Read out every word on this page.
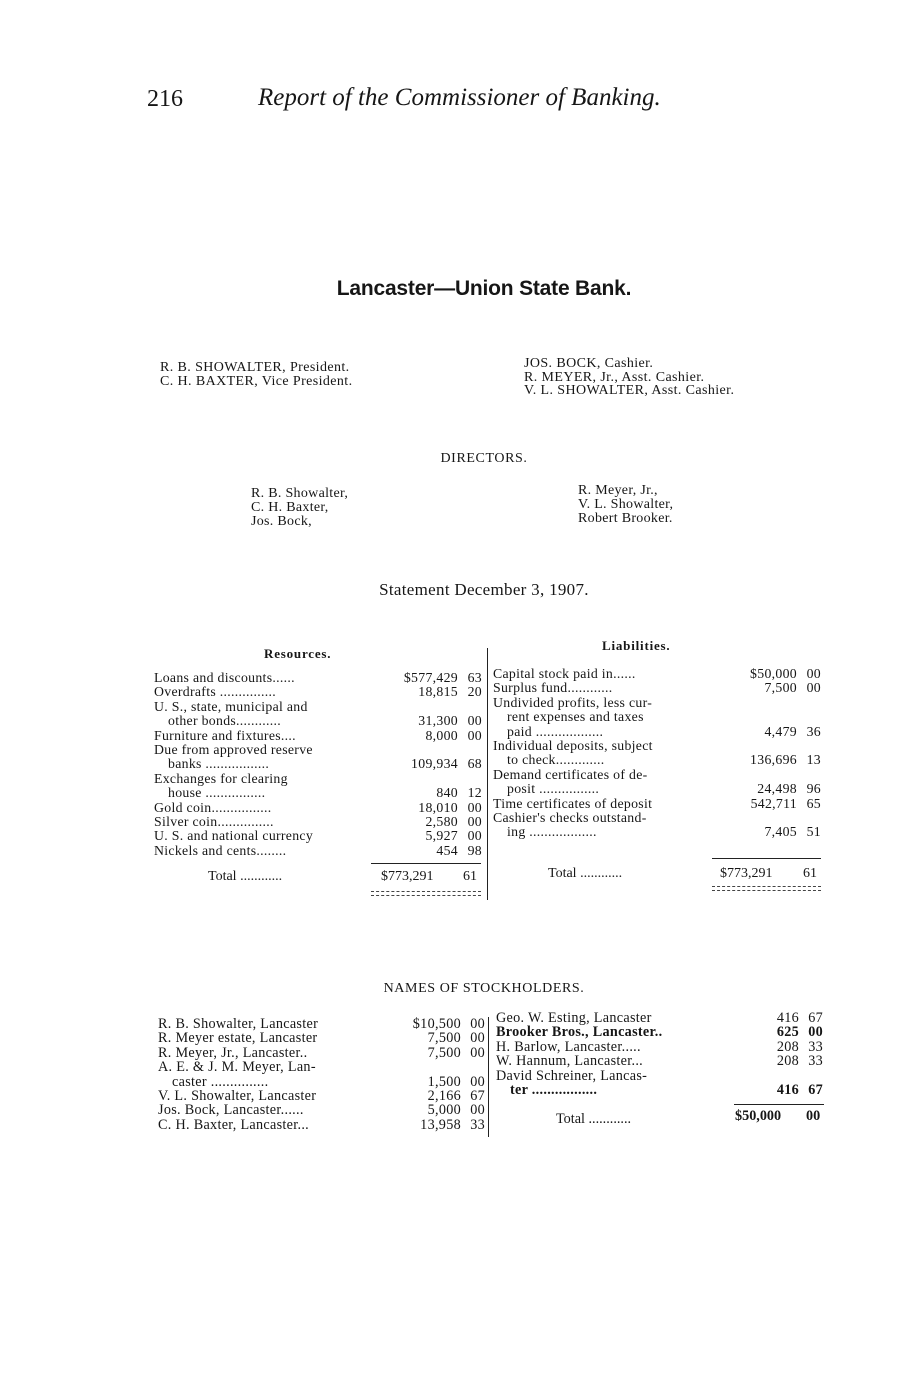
216	Report of the Commissioner of Banking.
Lancaster—Union State Bank.
R. B. SHOWALTER, President.
C. H. BAXTER, Vice President.
JOS. BOCK, Cashier.
R. MEYER, Jr., Asst. Cashier.
V. L. SHOWALTER, Asst. Cashier.
DIRECTORS.
R. B. Showalter,
C. H. Baxter,
Jos. Bock,
R. Meyer, Jr.,
V. L. Showalter,
Robert Brooker.
Statement December 3, 1907.
Resources.
Liabilities.
Loans and discounts......	$577,429	63
Overdrafts ...............	18,815	20
U. S., state, municipal and		
other bonds............	31,300	00
Furniture and fixtures....	8,000	00
Due from approved reserve		
banks .................	109,934	68
Exchanges for clearing		
house ................	840	12
Gold coin................	18,010	00
Silver coin...............	2,580	00
U. S. and national currency	5,927	00
Nickels and cents........	454	98
Total ............	$773,291 61
Capital stock paid in......	$50,000	00
Surplus fund............	7,500	00
Undivided profits, less cur-		
rent expenses and taxes		
paid ..................	4,479	36
Individual deposits, subject		
to check.............	136,696	13
Demand certificates of de-		
posit ................	24,498	96
Time certificates of deposit	542,711	65
Cashier's checks outstand-		
ing ..................	7,405	51
Total ............	$773,291 61
NAMES OF STOCKHOLDERS.
R. B. Showalter, Lancaster	$10,500	00
R. Meyer estate, Lancaster	7,500	00
R. Meyer, Jr., Lancaster..	7,500	00
A. E. & J. M. Meyer, Lan-		
caster ...............	1,500	00
V. L. Showalter, Lancaster	2,166	67
Jos. Bock, Lancaster......	5,000	00
C. H. Baxter, Lancaster...	13,958	33
Geo. W. Esting, Lancaster	416	67
Brooker Bros., Lancaster..	625	00
H. Barlow, Lancaster.....	208	33
W. Hannum, Lancaster...	208	33
David Schreiner, Lancas-		
ter .................	416	67
Total ............	$50,000 00
